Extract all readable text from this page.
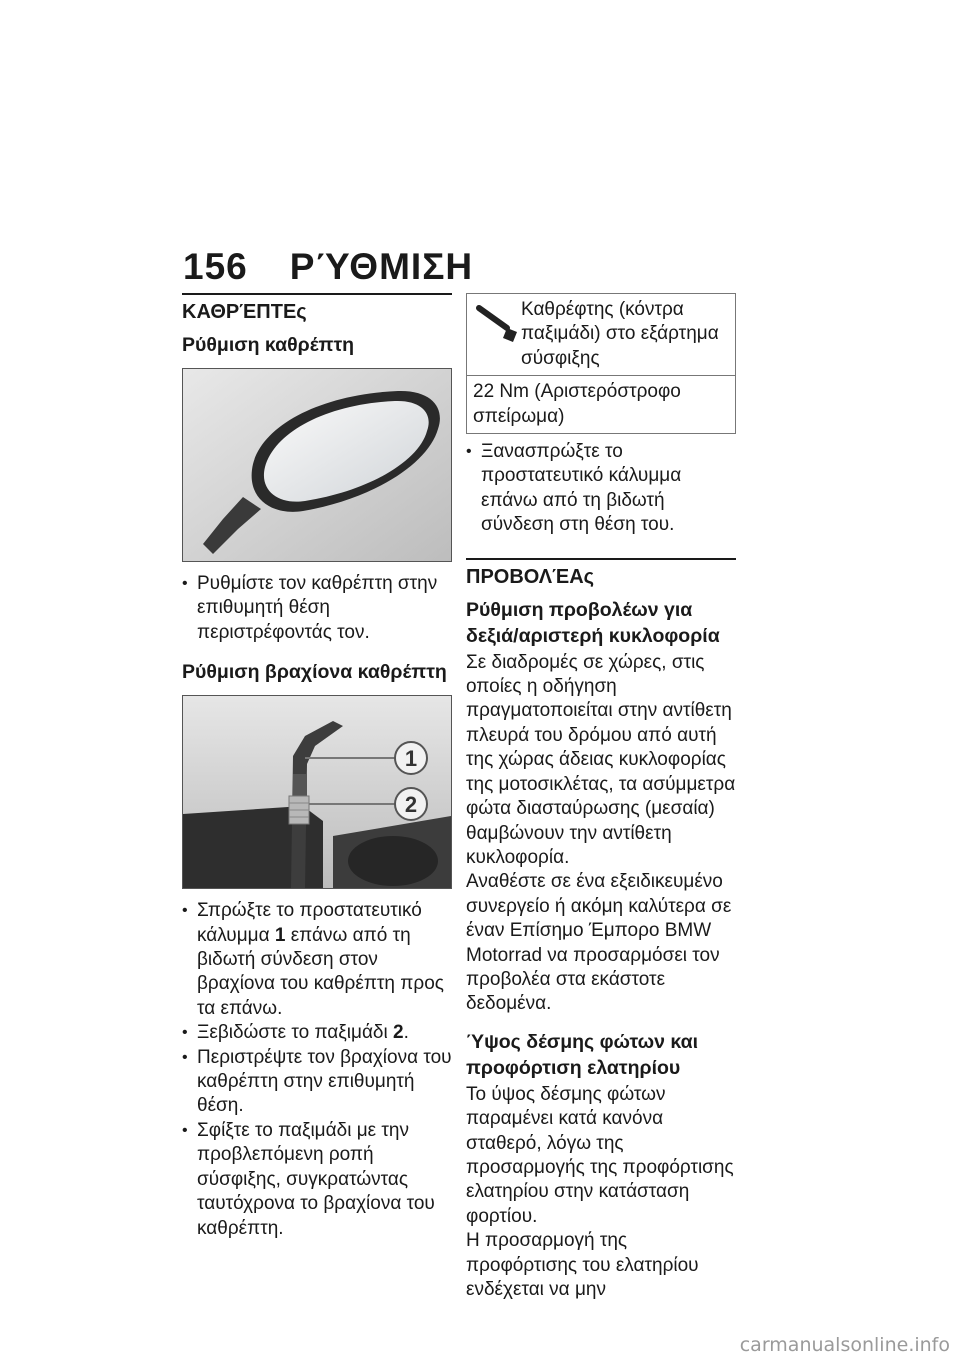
156 ΡΎΘΜΙΣΗ
ΚΑΘΡΈΠΤΕς
Ρύθμιση καθρέπτη
• Ρυθμίστε τον καθρέπτη στην επιθυμητή θέση περιστρέφοντάς τον.
Ρύθμιση βραχίονα καθρέπτη
1
2
• Σπρώξτε το προστατευτικό κάλυμμα 1 επάνω από τη βιδωτή σύνδεση στον βραχίονα του καθρέπτη προς τα επάνω.
• Ξεβιδώστε το παξιμάδι 2.
• Περιστρέψτε τον βραχίονα του καθρέπτη στην επιθυμητή θέση.
• Σφίξτε το παξιμάδι με την προβλεπόμενη ροπή σύσφιξης, συγκρατώντας ταυτόχρονα το βραχίονα του καθρέπτη.
Καθρέφτης (κόντρα παξιμάδι) στο εξάρτημα σύσφιξης
22 Nm (Αριστερόστροφο σπείρωμα)
• Ξανασπρώξτε το προστατευτικό κάλυμμα επάνω από τη βιδωτή σύνδεση στη θέση του.
ΠΡΟΒΟΛΈΑς
Ρύθμιση προβολέων για δεξιά/αριστερή κυκλοφορία
Σε διαδρομές σε χώρες, στις οποίες η οδήγηση πραγματοποιείται στην αντίθετη πλευρά του δρόμου από αυτή της χώρας άδειας κυκλοφορίας της μοτοσικλέτας, τα ασύμμετρα φώτα διασταύρωσης (μεσαία) θαμβώνουν την αντίθετη κυκλοφορία.
Αναθέστε σε ένα εξειδικευμένο συνεργείο ή ακόμη καλύτερα σε έναν Επίσημο Έμπορο BMW Motorrad να προσαρμόσει τον προβολέα στα εκάστοτε δεδομένα.
Ύψος δέσμης φώτων και προφόρτιση ελατηρίου
Το ύψος δέσμης φώτων παραμένει κατά κανόνα σταθερό, λόγω της προσαρμογής της προφόρτισης ελατηρίου στην κατάσταση φορτίου.
Η προσαρμογή της προφόρτισης του ελατηρίου ενδέχεται να μην
carmanualsonline.info
